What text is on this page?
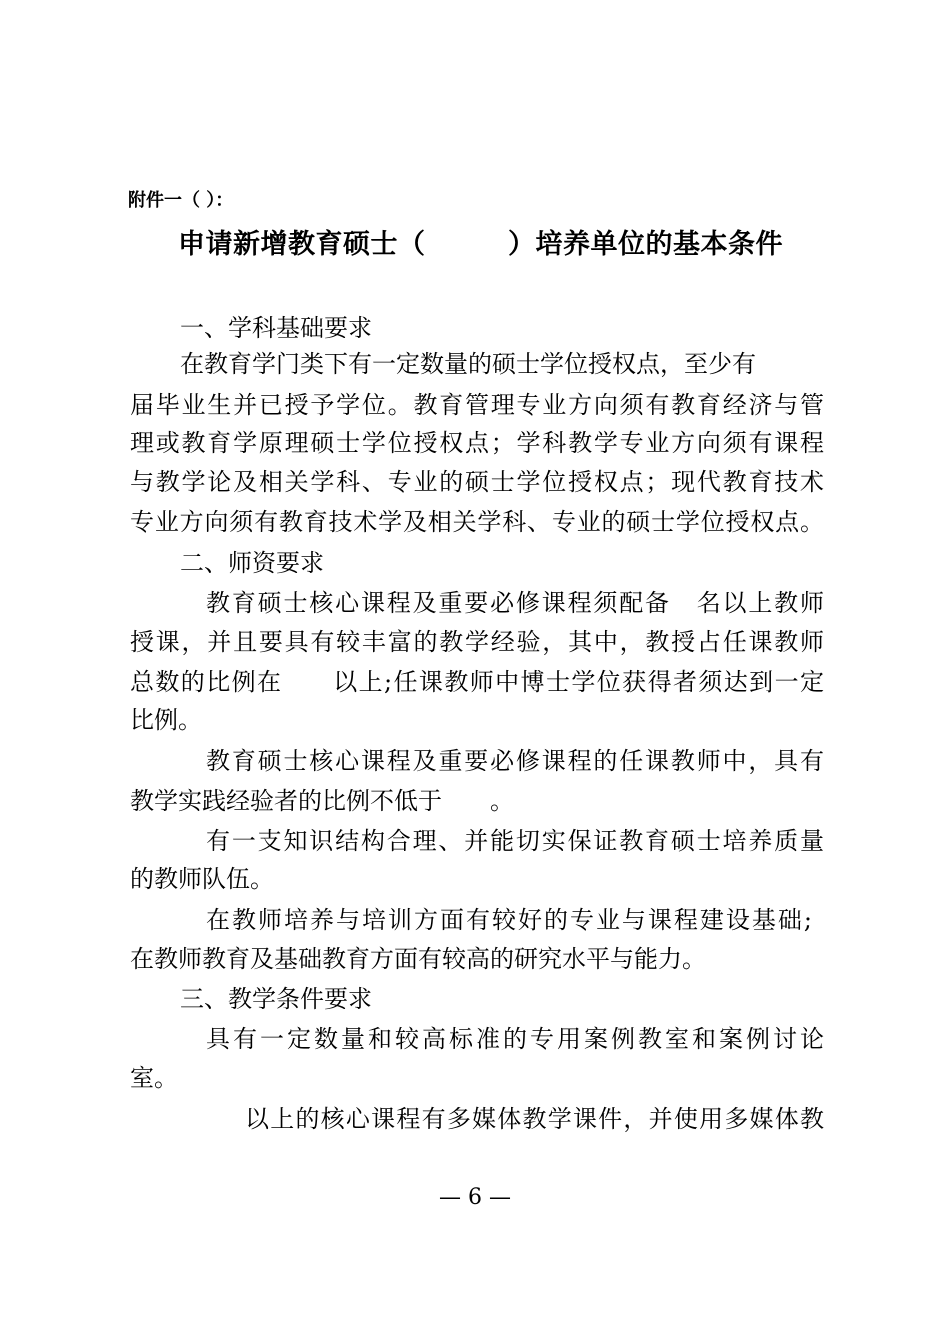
附件一（ ）：
申请新增教育硕士（　　　）培养单位的基本条件
一、学科基础要求
在教育学门类下有一定数量的硕士学位授权点，至少有
届毕业生并已授予学位。教育管理专业方向须有教育经济与管
理或教育学原理硕士学位授权点；学科教学专业方向须有课程
与教学论及相关学科、专业的硕士学位授权点；现代教育技术
专业方向须有教育技术学及相关学科、专业的硕士学位授权点。
二、师资要求
教育硕士核心课程及重要必修课程须配备　名以上教师
授课，并且要具有较丰富的教学经验，其中，教授占任课教师
总数的比例在　　以上;任课教师中博士学位获得者须达到一定
比例。
教育硕士核心课程及重要必修课程的任课教师中，具有
教学实践经验者的比例不低于　　。
有一支知识结构合理、并能切实保证教育硕士培养质量
的教师队伍。
在教师培养与培训方面有较好的专业与课程建设基础;
在教师教育及基础教育方面有较高的研究水平与能力。
三、教学条件要求
具有一定数量和较高标准的专用案例教室和案例讨论
室。
以上的核心课程有多媒体教学课件，并使用多媒体教
— 6 —
